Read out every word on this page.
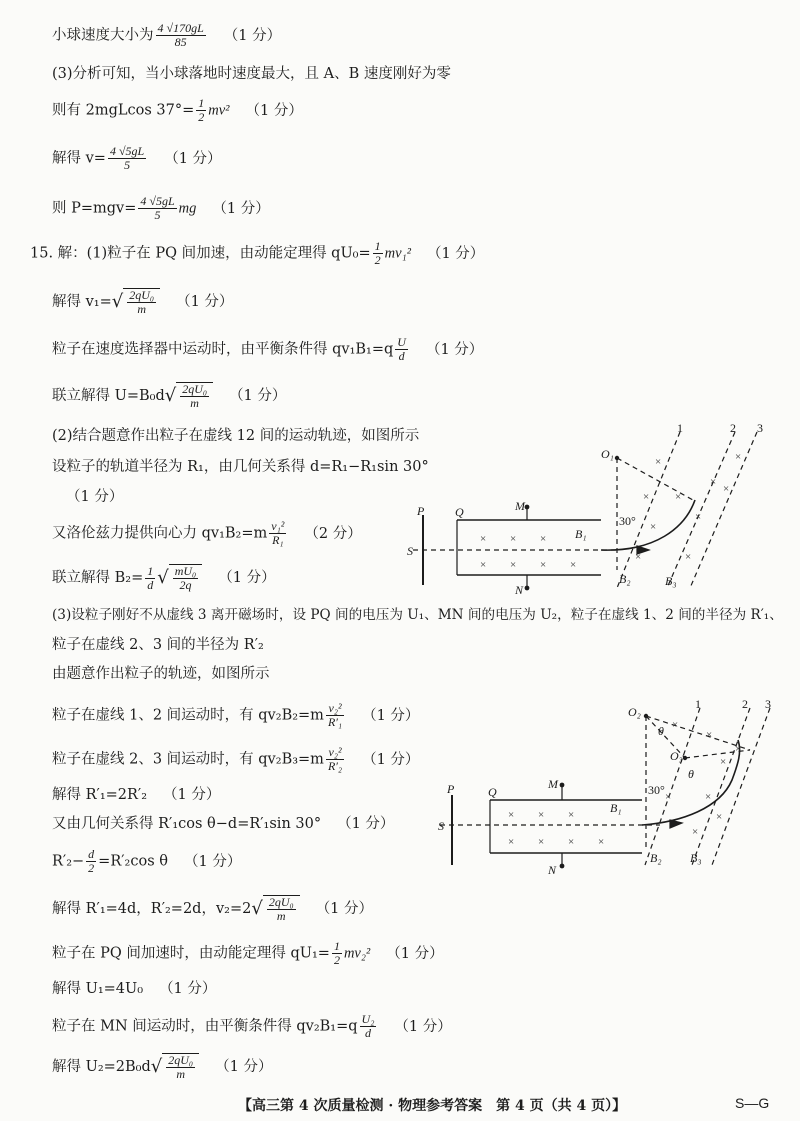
小球速度大小为 $\frac{4 √170gL}{85} (1$ 分）
(3)分析可知，当小球落地时速度最大，且 A、B 速度刚好为零
则有 2mgLcos $37^\circ= \frac{1}{2} mv^2$ （1 分）
解得 $v= \frac{4 √5gL}{5} (1$ 分）
则 $P=mgv= \frac{4 √5gL}{5}$ mg （1 分）
15. 解：(1)粒子在 PQ 间加速，由动能定理得 $qU_0= \frac{1}{2} mv_1^2$ （1 分）
解得 $v_1=√ \frac{\text{2qU₀}}{m} (1$ 分）
粒子在速度选择器中运动时，由平衡条件得 $qv_1B_1=q \frac{U}{d} (1$ 分）
联立解得 $U=B_0d√ \frac{\text{2qU₀}}{m} (1$ 分）
(2)结合题意作出粒子在虚线 12 间的运动轨迹，如图所示
设粒子的轨道半径为 R₁，由几何关系得 d=R₁−R₁sin 30°
（1 分）
又洛伦兹力提供向心力 $qv_1B_2=m \frac{\text{v₁²}}{\text{R₁}} (2$ 分）
联立解得 $B_2= \frac{1}{d}$ √ $\frac{\text{mU₀}}{2q} (1$ 分）
(3)设粒子刚好不从虚线 3 离开磁场时，设 PQ 间的电压为 U₁、MN 间的电压为 U₂，粒子在虚线 1、2 间的半径为 R′₁、
粒子在虚线 2、3 间的半径为 R′₂
由题意作出粒子的轨迹，如图所示
粒子在虚线 1、2 间运动时，有 $qv_2B_2=m \frac{\text{v₂²}}{\text{R′₁}} (1$ 分）
粒子在虚线 2、3 间运动时，有 $qv_2B_3=m \frac{\text{v₂²}}{\text{R′₂}} (1$ 分）
解得 R′₁=2R′₂ （1 分）
又由几何关系得 R′₁cos θ−d=R′₁sin 30° （1 分）
$R'_2- \frac{d}{2} =R'_2\cos$ θ （1 分）
解得 R′₁=4d，R′₂=2d，$v_2=2√ \frac{\text{2qU₀}}{m} (1$ 分）
粒子在 PQ 间加速时，由动能定理得 $qU_1= \frac{1}{2} mv_2^2$ （1 分）
解得 U₁=4U₀ （1 分）
粒子在 MN 间运动时，由平衡条件得 $qv_2B_1=q \frac{\text{U₂}}{d} (1$ 分）
解得 $U_2=2B_0d√ \frac{\text{2qU₀}}{m} (1$ 分）
P	Q
S
M
N
B₁
B₂	B₃
O₁
30°
1	2 3
× × ×
× × × ×
×
× ×
×
×
×
×
×
×
×
P	Q
S
M
N
B₁
B₂ B₃
O₂
O₃
30°
θ
θ
1	2 3
× × ×
× × × ×
×
×
×	×
×
×
×
×
【高三第 4 次质量检测 · 物理参考答案　第 4 页（共 4 页）】	S—G
